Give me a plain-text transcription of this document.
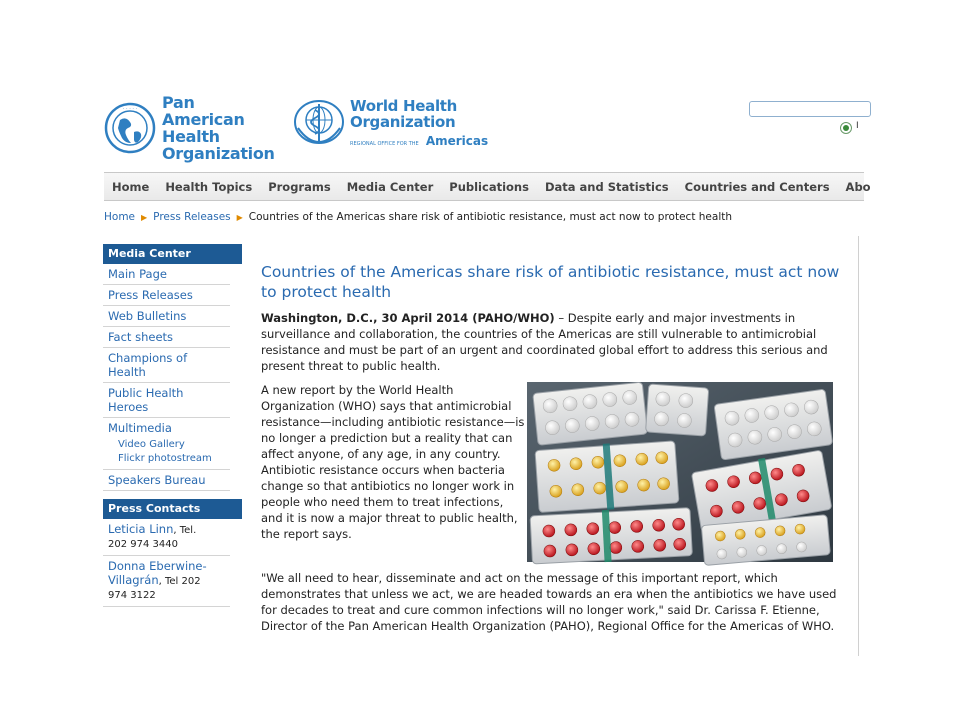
· · · · · Pan American
Health
Organization
World Health
Organization
REGIONAL OFFICE FOR THE Americas
I
Home	Health Topics	Programs	Media Center	Publications	Data and Statistics	Countries and Centers	Abo
Home ▶ Press Releases ▶ Countries of the Americas share risk of antibiotic resistance, must act now to protect health
Media Center
Main Page
Press Releases
Web Bulletins
Fact sheets
Champions of Health
Public Health Heroes
Multimedia
Video Gallery
Flickr photostream
Speakers Bureau
Press Contacts
Leticia Linn, Tel.
202 974 3440
Donna Eberwine-Villagrán, Tel 202
974 3122
Countries of the Americas share risk of antibiotic resistance, must act now to protect health

Washington, D.C., 30 April 2014 (PAHO/WHO) – Despite early and major investments in surveillance and collaboration, the countries of the Americas are still vulnerable to antimicrobial resistance and must be part of an urgent and coordinated global effort to address this serious and present threat to public health.

A new report by the World Health Organization (WHO) says that antimicrobial resistance—including antibiotic resistance—is no longer a prediction but a reality that can affect anyone, of any age, in any country. Antibiotic resistance occurs when bacteria change so that antibiotics no longer work in people who need them to treat infections, and it is now a major threat to public health, the report says.
"We all need to hear, disseminate and act on the message of this important report, which demonstrates that unless we act, we are headed towards an era when the antibiotics we have used for decades to treat and cure common infections will no longer work," said Dr. Carissa F. Etienne, Director of the Pan American Health Organization (PAHO), Regional Office for the Americas of WHO.
